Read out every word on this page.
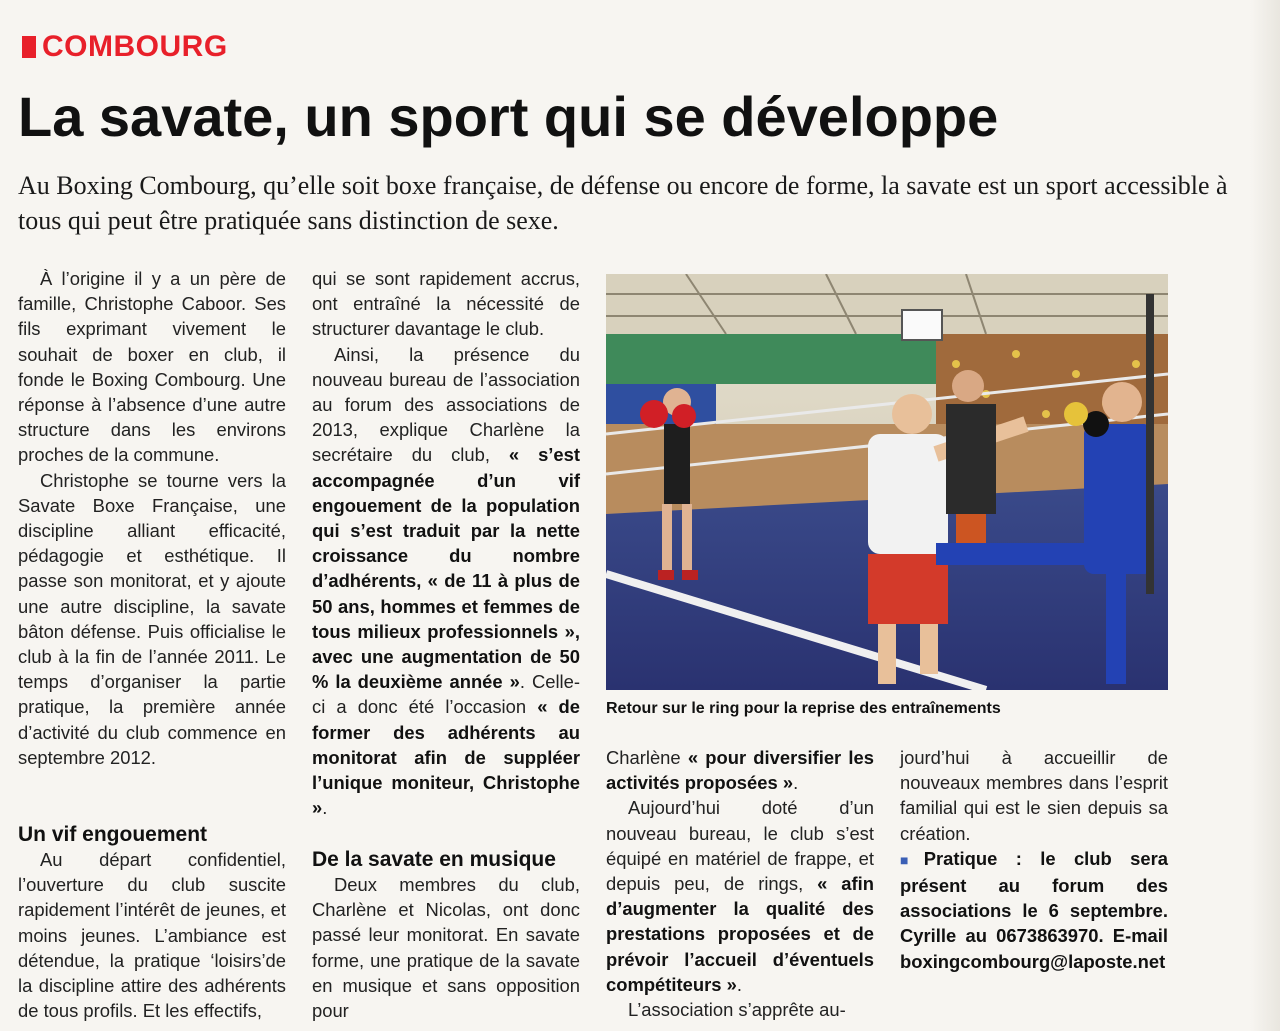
COMBOURG
La savate, un sport qui se développe
Au Boxing Combourg, qu’elle soit boxe française, de défense ou encore de forme, la savate est un sport accessible à tous qui peut être pratiquée sans distinction de sexe.

À l’origine il y a un père de famille, Christophe Caboor. Ses fils exprimant vivement le souhait de boxer en club, il fonde le Boxing Combourg. Une réponse à l’absence d’une autre structure dans les environs proches de la commune.

Christophe se tourne vers la Savate Boxe Française, une discipline alliant efficacité, pédagogie et esthétique. Il passe son monitorat, et y ajoute une autre discipline, la savate bâton défense. Puis officialise le club à la fin de l’année 2011. Le temps d’organiser la partie pratique, la première année d’activité du club commence en septembre 2012.

Un vif engouement

Au départ confidentiel, l’ouverture du club suscite rapidement l’intérêt de jeunes, et moins jeunes. L’ambiance est détendue, la pratique ‘loisirs’de la discipline attire des adhérents de tous profils. Et les effectifs,

qui se sont rapidement accrus, ont entraîné la nécessité de structurer davantage le club.

Ainsi, la présence du nouveau bureau de l’association au forum des associations de 2013, explique Charlène la secrétaire du club, « s’est accompagnée d’un vif engouement de la population qui s’est traduit par la nette croissance du nombre d’adhérents, « de 11 à plus de 50 ans, hommes et femmes de tous milieux professionnels », avec une augmentation de 50 % la deuxième année ». Celle-ci a donc été l’occasion « de former des adhérents au monitorat afin de suppléer l’unique moniteur, Christophe ».

De la savate en musique

Deux membres du club, Charlène et Nicolas, ont donc passé leur monitorat. En savate forme, une pratique de la savate en musique et sans opposition pour

Retour sur le ring pour la reprise des entraînements

Charlène « pour diversifier les activités proposées ».

Aujourd’hui doté d’un nouveau bureau, le club s’est équipé en matériel de frappe, et depuis peu, de rings, « afin d’augmenter la qualité des prestations proposées et de prévoir l’accueil d’éventuels compétiteurs ».

L’association s’apprête au-

jourd’hui à accueillir de nouveaux membres dans l’esprit familial qui est le sien depuis sa création.

■ Pratique : le club sera présent au forum des associations le 6 septembre. Cyrille au 0673863970. E-mail boxingcombourg@laposte.net
